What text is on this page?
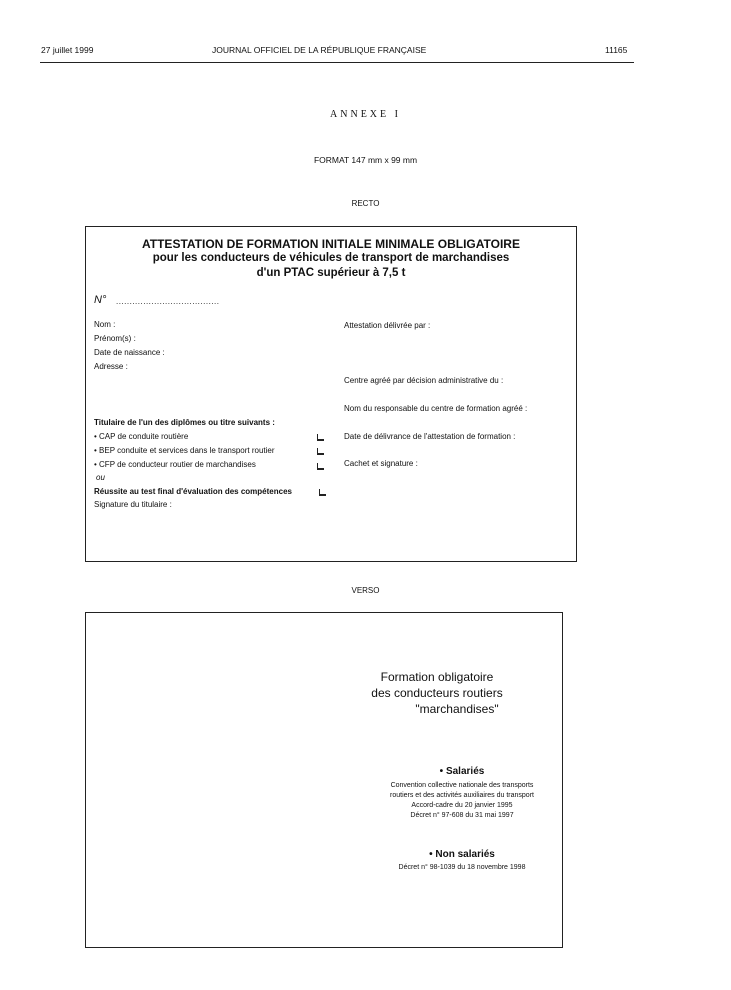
27 juillet 1999	JOURNAL OFFICIEL DE LA RÉPUBLIQUE FRANÇAISE	11165
ANNEXE I
FORMAT 147 mm x 99 mm
RECTO
ATTESTATION DE FORMATION INITIALE MINIMALE OBLIGATOIRE
pour les conducteurs de véhicules de transport de marchandises
d'un PTAC supérieur à 7,5 t
N° ......................................
Nom :
Prénom(s) :
Date de naissance :
Adresse :
Attestation délivrée par :
Centre agréé par décision administrative du :
Nom du responsable du centre de formation agréé :
Date de délivrance de l'attestation de formation :
Cachet et signature :
Titulaire de l'un des diplômes ou titre suivants :
• CAP de conduite routière
• BEP conduite et services dans le transport routier
• CFP de conducteur routier de marchandises
ou
Réussite au test final d'évaluation des compétences
Signature du titulaire :
VERSO
Formation obligatoire
des conducteurs routiers
"marchandises"
• Salariés
Convention collective nationale des transports
routiers et des activités auxiliaires du transport
Accord-cadre du 20 janvier 1995
Décret n° 97-608 du 31 mai 1997
• Non salariés
Décret n° 98-1039 du 18 novembre 1998
